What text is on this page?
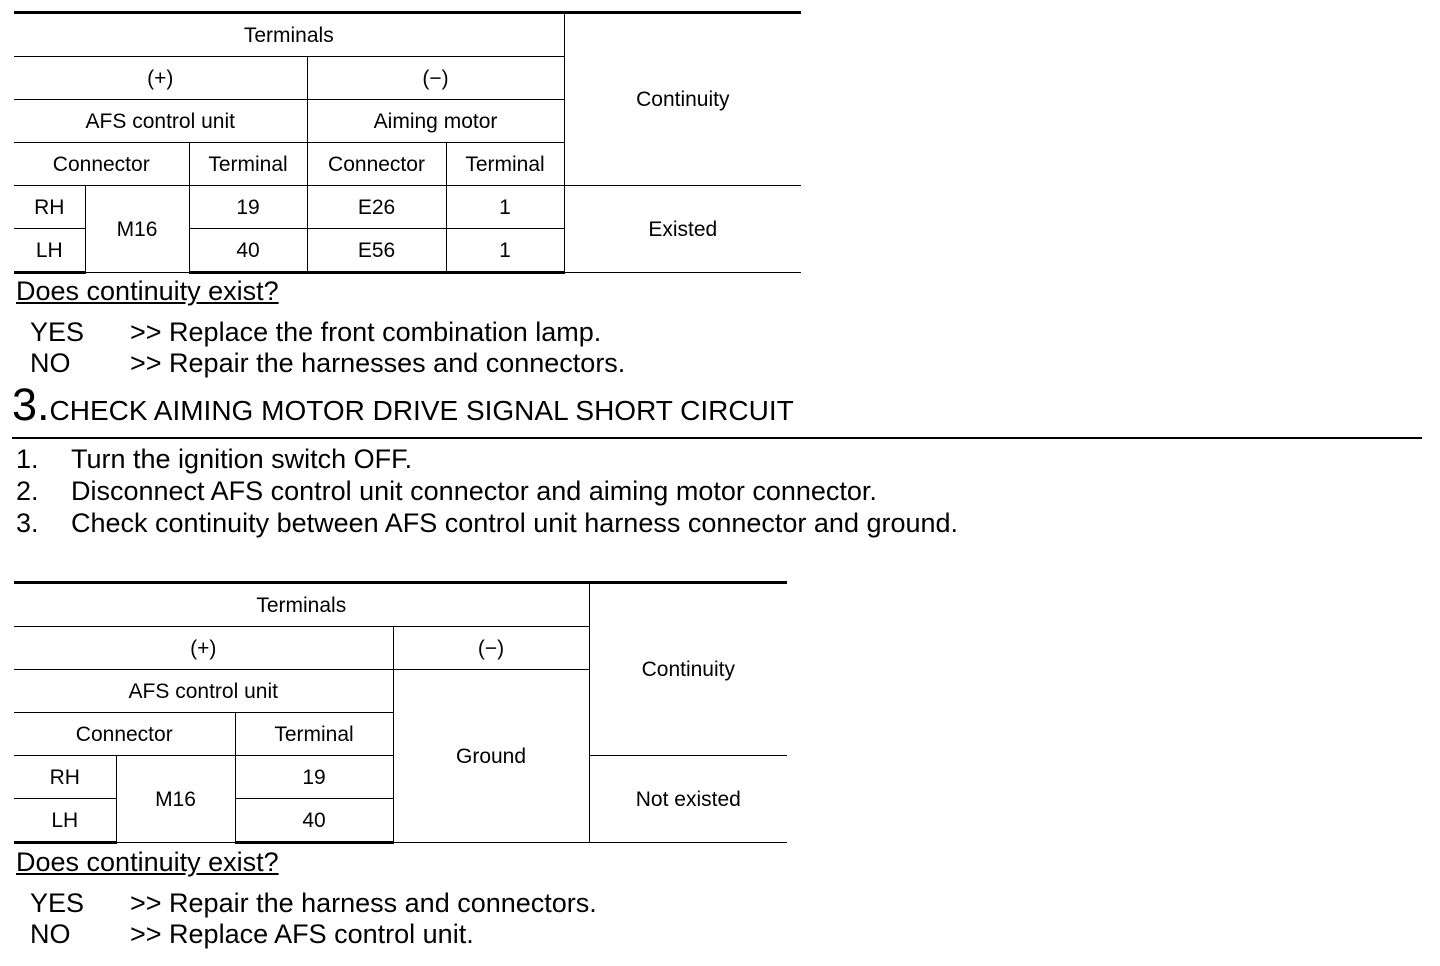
Terminals					Continuity
(+)			(−)		
AFS control unit			Aiming motor		
Connector		Terminal	Connector	Terminal	
RH	M16	19	E26	1	Existed
LH		40	E56	1	
Does continuity exist?
YES >> Replace the front combination lamp.
NO >> Repair the harnesses and connectors.
3.CHECK AIMING MOTOR DRIVE SIGNAL SHORT CIRCUIT
1. Turn the ignition switch OFF.
2. Disconnect AFS control unit connector and aiming motor connector.
3. Check continuity between AFS control unit harness connector and ground.
Terminals				Continuity
(+)			(−)	
AFS control unit			Ground	
Connector		Terminal		
RH	M16	19		Not existed
LH		40		
Does continuity exist?
YES >> Repair the harness and connectors.
NO >> Replace AFS control unit.
